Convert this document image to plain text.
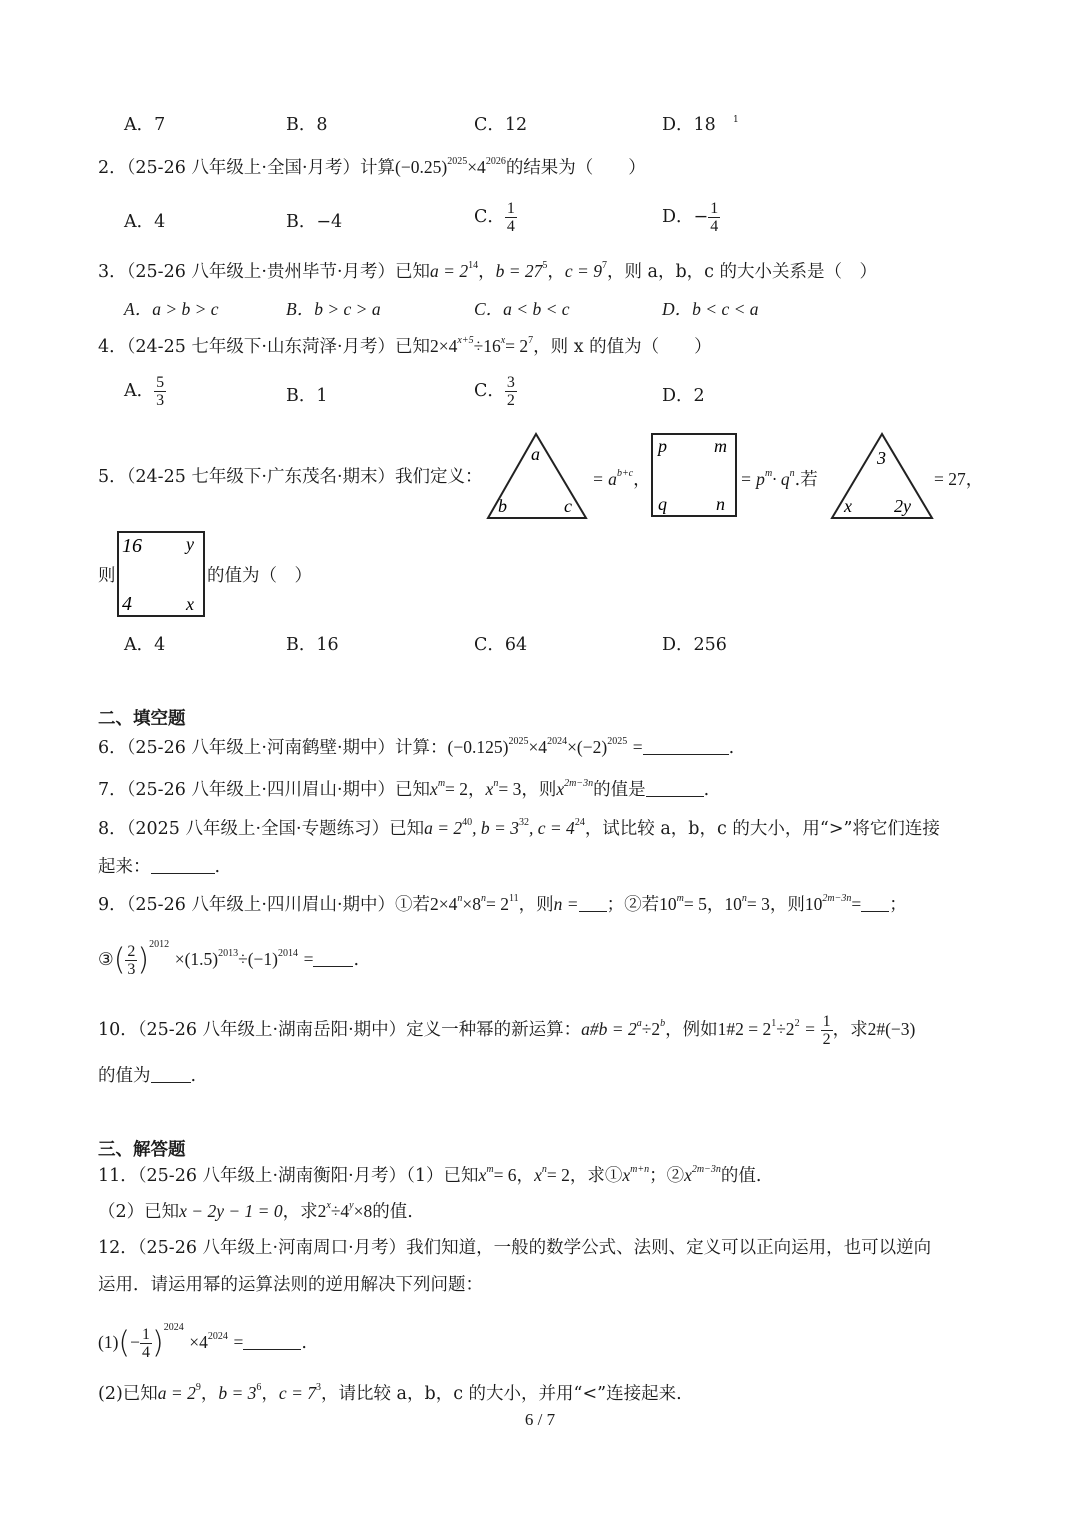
A．7	B．8	C．12	D．18 1
2．（25-26 八年级上·全国·月考）计算$(-0.25)^{2025}\times 4^{2026}$的结果为（　　）
A．4	B．−4	C． $\frac{1}{4}$	D．− $\frac{1}{4}$
3．（25-26 八年级上·贵州毕节·月考）已知$a = 2^{14}$，$b = 27^5$，$c = 9^7$，则 a，b，c 的大小关系是（　）
A．a > b > c	B．b > c > a	C．a < b < c	D．b < c < a
4．（24-25 七年级下·山东菏泽·月考）已知$2\times 4^{x+5}\div 16^x= 2^7$，则 x 的值为（　　）
A． $\frac{5}{3}$	B．1	C． $\frac{3}{2}$	D．2
5．（24-25 七年级下·广东茂名·期末）我们定义：
a
b	c
= $a^{b+c}$，
p	m
q	n
= $p^m\cdot q^n$.若
3
x 2y
= 27，
则
16 y
4	x
的值为（　）
A．4	B．16	C．64	D．256
二、填空题
6．（25-26 八年级上·河南鹤壁·期中）计算：$(-0.125)^{2025}\times 4^{2024}\times(-2)^{2025}$ =	.
7．（25-26 八年级上·四川眉山·期中）已知$x^m= 2$，$x^n= 3$，则$x^{2m-3n}$的值是	.
8．（2025 八年级上·全国·专题练习）已知$a = 2^{40}$, $b = 3^{32}$, $c = 4^{24}$，试比较 a，b，c 的大小，用“>”将它们连接
起来：	.
9．（25-26 八年级上·四川眉山·期中）①若$2\times 4^n\times 8^n= 2^{11}$，则n = ；②若$10^m= 5$，$10^n= 3$，则$10^{2m-3n}=$ ；
③( $\frac{2}{3} )^{2012} \times(1.5)^{2013}\div(-1)^{2014}$ = .
10．（25-26 八年级上·湖南岳阳·期中）定义一种幂的新运算：a#b = $2^a\div 2^b$，例如1#2 = $2^1\div 2^2 = \frac{1}{2}$ ，求2#(−3)
的值为 .
三、解答题
11．（25-26 八年级上·湖南衡阳·月考）（1）已知$x^m= 6$，$x^n= 2$，求$①x^{m+n}$；$②x^{2m-3n}$的值.
（2）已知x − 2y − 1 = 0，求$2^x\div 4^y\times 8$的值.
12．（25-26 八年级上·河南周口·月考）我们知道，一般的数学公式、法则、定义可以正向运用，也可以逆向
运用．请运用幂的运算法则的逆用解决下列问题：
$(1)(- \frac{1}{4} )^{2024} \times 4^{2024}$ =	.
(2)已知$a = 2^9$，$b = 3^6$，$c = 7^3$，请比较 a，b，c 的大小，并用“<”连接起来.
6 / 7
